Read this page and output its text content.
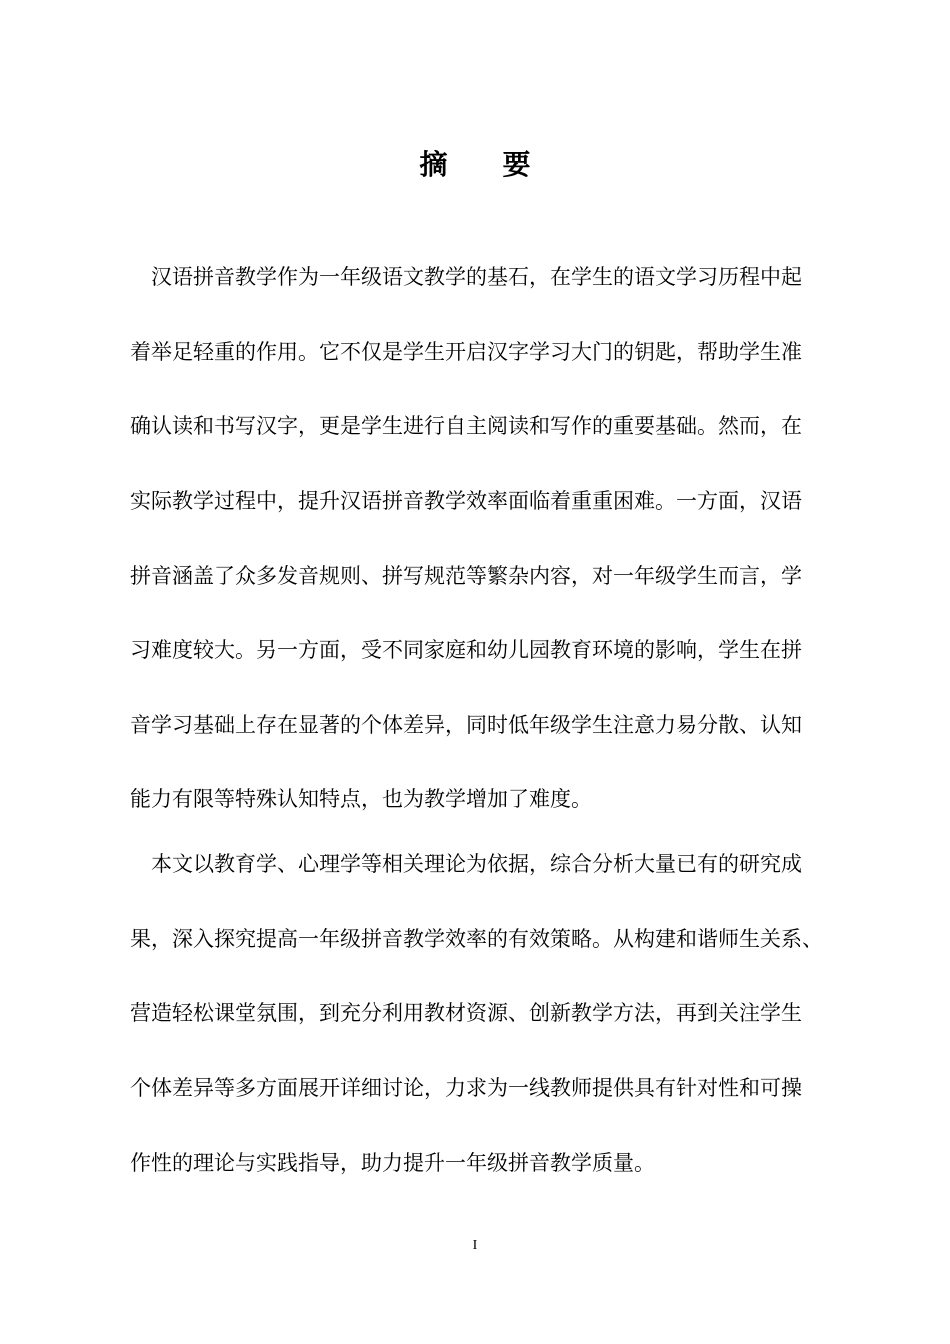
摘 要
　汉语拼音教学作为一年级语文教学的基石，在学生的语文学习历程中起
着举足轻重的作用。它不仅是学生开启汉字学习大门的钥匙，帮助学生准
确认读和书写汉字，更是学生进行自主阅读和写作的重要基础。然而，在
实际教学过程中，提升汉语拼音教学效率面临着重重困难。一方面，汉语
拼音涵盖了众多发音规则、拼写规范等繁杂内容，对一年级学生而言，学
习难度较大。另一方面，受不同家庭和幼儿园教育环境的影响，学生在拼
音学习基础上存在显著的个体差异，同时低年级学生注意力易分散、认知
能力有限等特殊认知特点，也为教学增加了难度。
　本文以教育学、心理学等相关理论为依据，综合分析大量已有的研究成
果，深入探究提高一年级拼音教学效率的有效策略。从构建和谐师生关系、
营造轻松课堂氛围，到充分利用教材资源、创新教学方法，再到关注学生
个体差异等多方面展开详细讨论，力求为一线教师提供具有针对性和可操
作性的理论与实践指导，助力提升一年级拼音教学质量。
I
